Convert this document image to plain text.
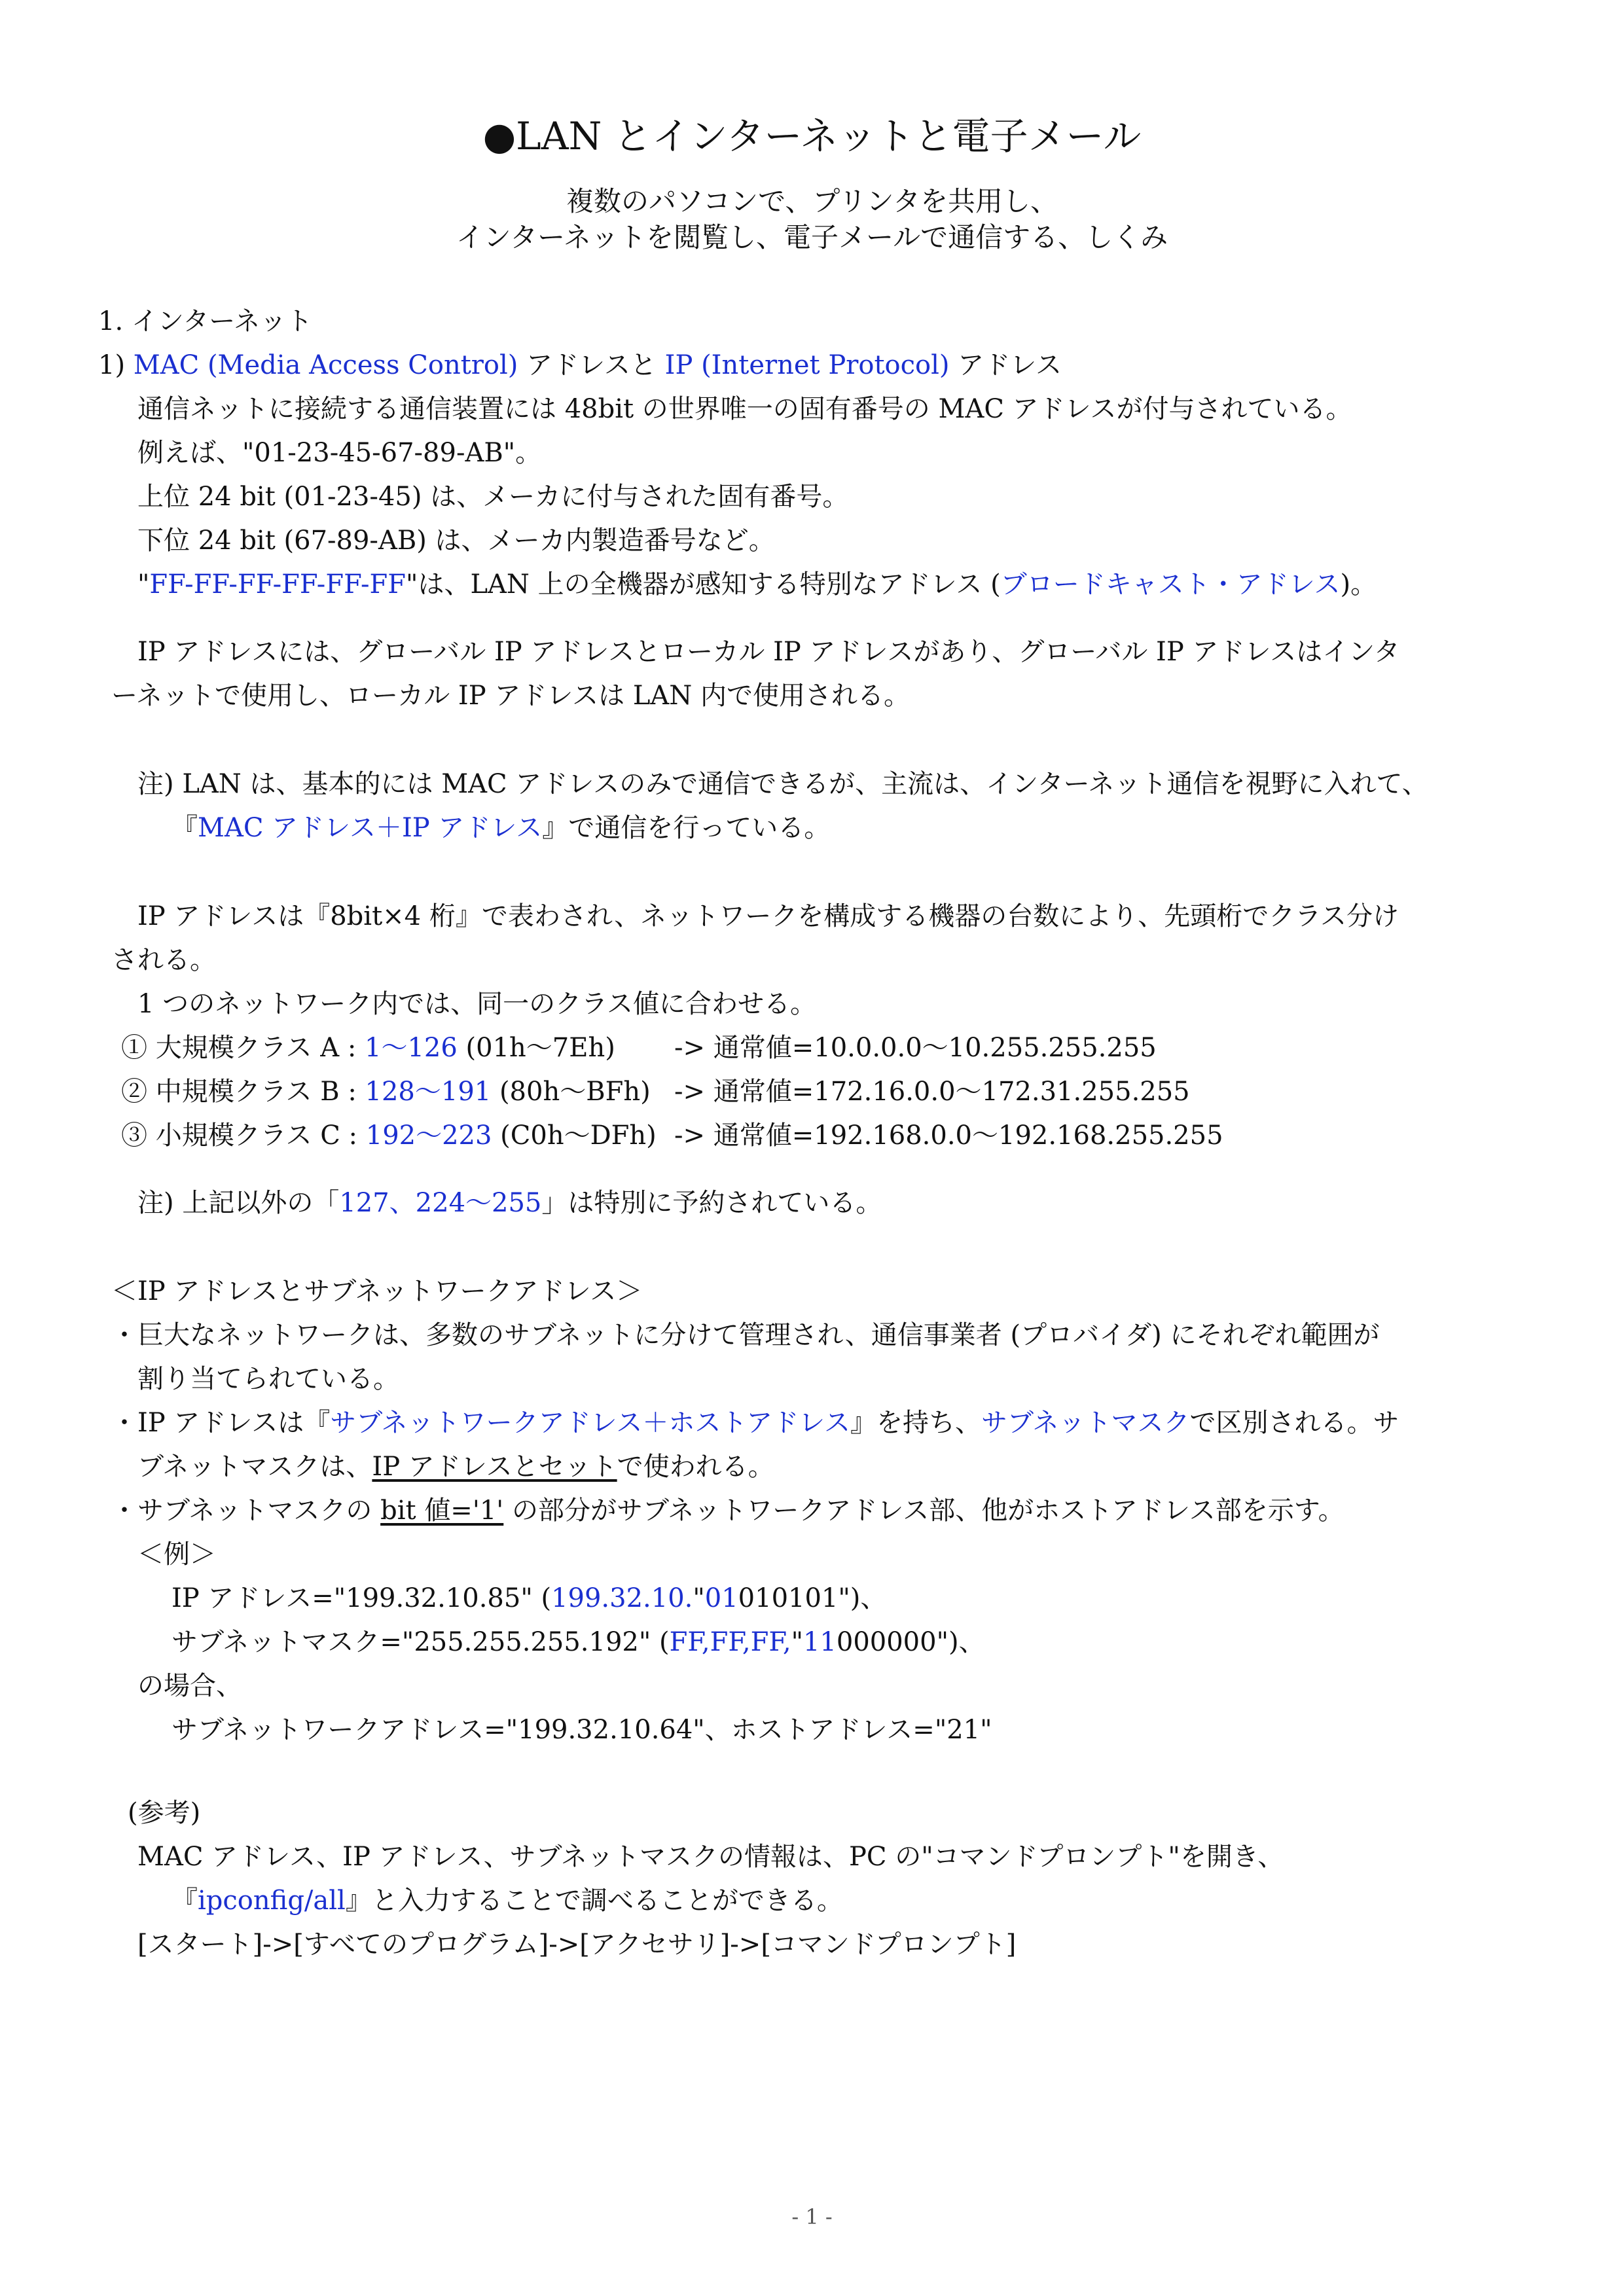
●LAN とインターネットと電子メール
複数のパソコンで、プリンタを共用し、
インターネットを閲覧し、電子メールで通信する、しくみ
1. インターネット
1) MAC (Media Access Control) アドレスと IP (Internet Protocol) アドレス
通信ネットに接続する通信装置には 48bit の世界唯一の固有番号の MAC アドレスが付与されている。
例えば、"01-23-45-67-89-AB"。
上位 24 bit (01-23-45) は、メーカに付与された固有番号。
下位 24 bit (67-89-AB) は、メーカ内製造番号など。
"FF-FF-FF-FF-FF-FF"は、LAN 上の全機器が感知する特別なアドレス (ブロードキャスト・アドレス)。
IP アドレスには、グローバル IP アドレスとローカル IP アドレスがあり、グローバル IP アドレスはインタ
ーネットで使用し、ローカル IP アドレスは LAN 内で使用される。
注) LAN は、基本的には MAC アドレスのみで通信できるが、主流は、インターネット通信を視野に入れて、
『MAC アドレス＋IP アドレス』で通信を行っている。
IP アドレスは『8bit×4 桁』で表わされ、ネットワークを構成する機器の台数により、先頭桁でクラス分け
される。
1 つのネットワーク内では、同一のクラス値に合わせる。
① 大規模クラス A : 1〜126 (01h〜7Eh) -> 通常値=10.0.0.0〜10.255.255.255
② 中規模クラス B : 128〜191 (80h〜BFh) -> 通常値=172.16.0.0〜172.31.255.255
③ 小規模クラス C : 192〜223 (C0h〜DFh) -> 通常値=192.168.0.0〜192.168.255.255
注) 上記以外の「127、224〜255」は特別に予約されている。
＜IP アドレスとサブネットワークアドレス＞
・巨大なネットワークは、多数のサブネットに分けて管理され、通信事業者 (プロバイダ) にそれぞれ範囲が
割り当てられている。
・IP アドレスは『サブネットワークアドレス＋ホストアドレス』を持ち、サブネットマスクで区別される。サ
ブネットマスクは、IP アドレスとセットで使われる。
・サブネットマスクの bit 値='1' の部分がサブネットワークアドレス部、他がホストアドレス部を示す。
＜例＞
IP アドレス="199.32.10.85" (199.32.10."01010101")、
サブネットマスク="255.255.255.192" (FF,FF,FF,"11000000")、
の場合、
サブネットワークアドレス="199.32.10.64"、ホストアドレス="21"
(参考)
MAC アドレス、IP アドレス、サブネットマスクの情報は、PC の"コマンドプロンプト"を開き、
『ipconfig/all』と入力することで調べることができる。
[スタート]->[すべてのプログラム]->[アクセサリ]->[コマンドプロンプト]
- 1 -
